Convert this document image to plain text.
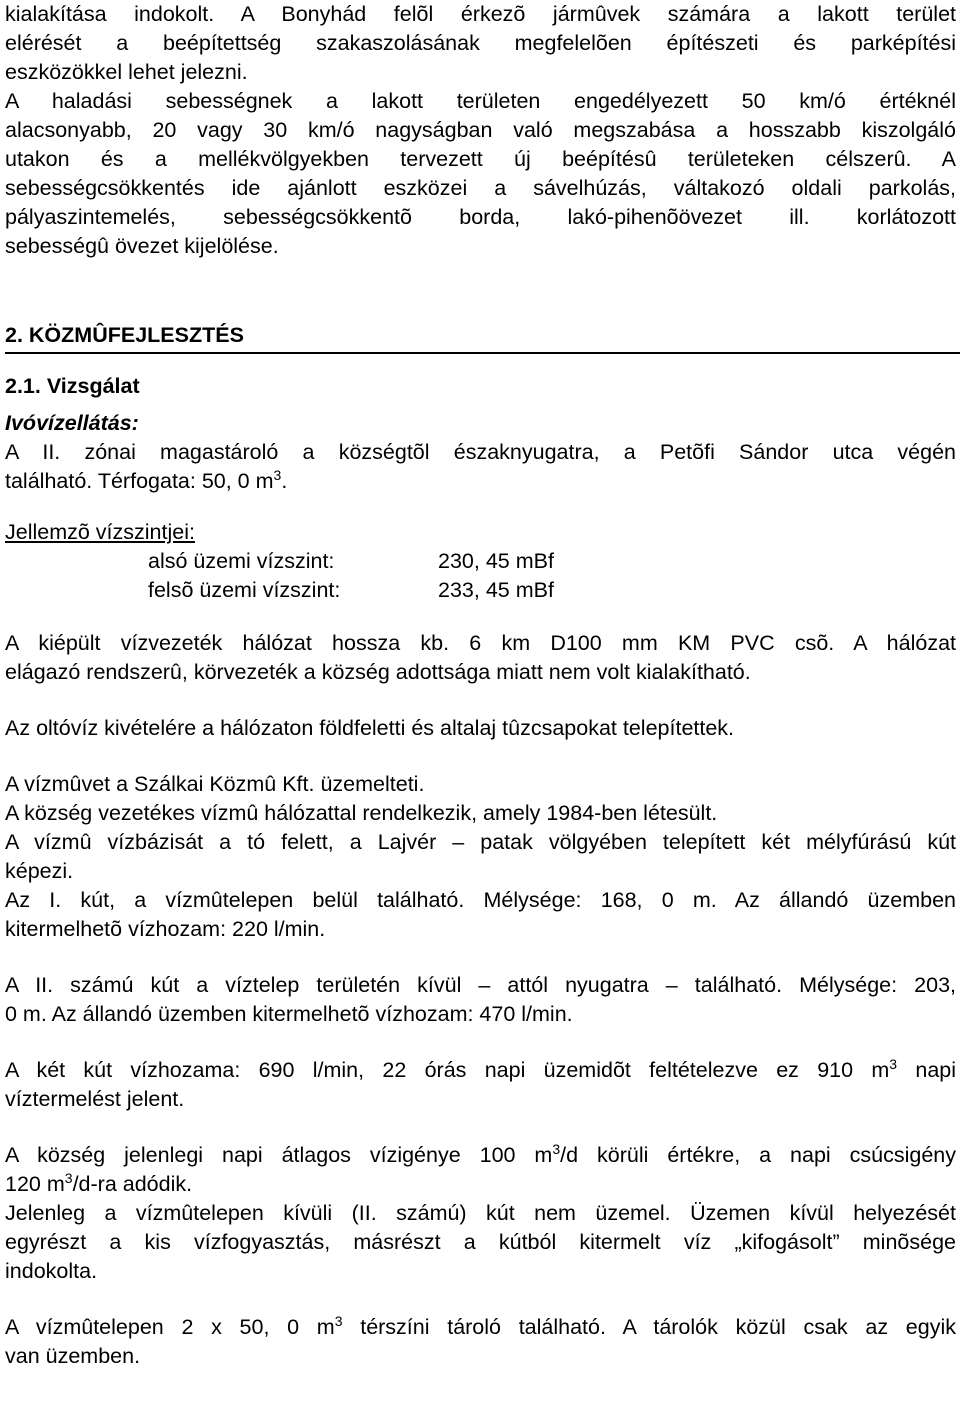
kialakítása indokolt. A Bonyhád felõl érkezõ jármûvek számára a lakott terület

elérését a beépítettség szakaszolásának megfelelõen építészeti és parképítési

eszközökkel lehet jelezni.

A haladási sebességnek a lakott területen engedélyezett 50 km/ó értéknél

alacsonyabb, 20 vagy 30 km/ó nagyságban való megszabása a hosszabb kiszolgáló

utakon és a mellékvölgyekben tervezett új beépítésû területeken célszerû. A

sebességcsökkentés ide ajánlott eszközei a sávelhúzás, váltakozó oldali parkolás,

pályaszintemelés, sebességcsökkentõ borda, lakó-pihenõövezet ill. korlátozott

sebességû övezet kijelölése.

2. KÖZMÛFEJLESZTÉS
2.1. Vizsgálat

Ivóvízellátás:

A II. zónai magastároló a községtõl északnyugatra, a Petõfi Sándor utca végén

található. Térfogata: 50, 0 $m^3$.

Jellemzõ vízszintjei:

alsó üzemi vízszint:	230, 45 mBf
felsõ üzemi vízszint:	233, 45 mBf

A kiépült vízvezeték hálózat hossza kb. 6 km D100 mm KM PVC csõ. A hálózat

elágazó rendszerû, körvezeték a község adottsága miatt nem volt kialakítható.

Az oltóvíz kivételére a hálózaton földfeletti és altalaj tûzcsapokat telepítettek.

A vízmûvet a Szálkai Közmû Kft. üzemelteti.

A község vezetékes vízmû hálózattal rendelkezik, amely 1984-ben létesült.

A vízmû vízbázisát a tó felett, a Lajvér – patak völgyében telepített két mélyfúrású kút

képezi.

Az I. kút, a vízmûtelepen belül található. Mélysége: 168, 0 m. Az állandó üzemben

kitermelhetõ vízhozam: 220 l/min.

A II. számú kút a víztelep területén kívül – attól nyugatra – található. Mélysége: 203,

0 m. Az állandó üzemben kitermelhetõ vízhozam: 470 l/min.

A két kút vízhozama: 690 l/min, 22 órás napi üzemidõt feltételezve ez 910 $m^3$ napi

víztermelést jelent.

A község jelenlegi napi átlagos vízigénye 100 $m^3/d$ körüli értékre, a napi csúcsigény

120 $m^3/d-ra$ adódik.

Jelenleg a vízmûtelepen kívüli (II. számú) kút nem üzemel. Üzemen kívül helyezését

egyrészt a kis vízfogyasztás, másrészt a kútból kitermelt víz „kifogásolt” minõsége

indokolta.

A vízmûtelepen 2 x 50, 0 $m^3$ térszíni tároló található. A tárolók közül csak az egyik

van üzemben.
